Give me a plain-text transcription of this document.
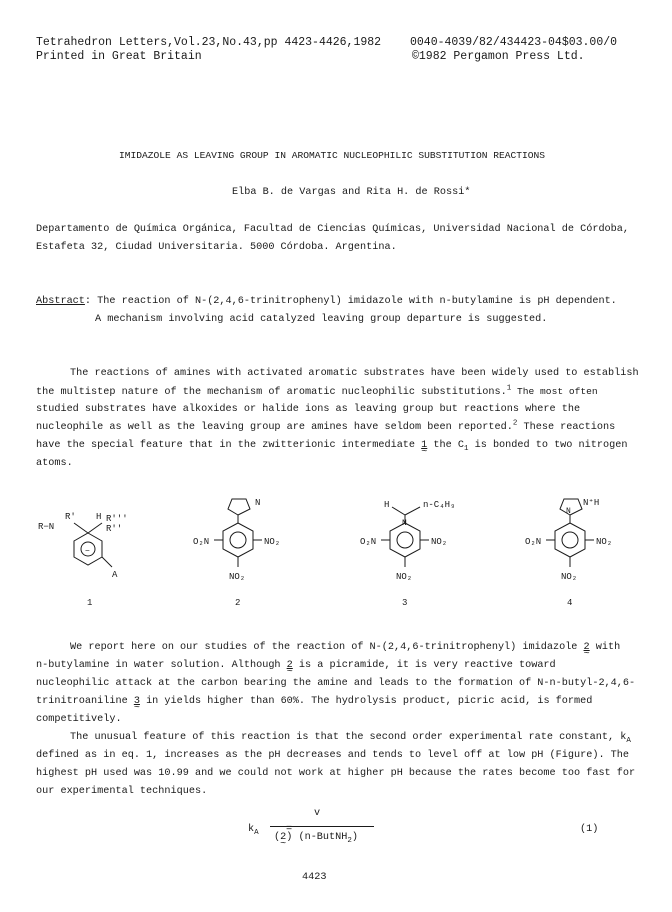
Tetrahedron Letters,Vol.23,No.43,pp 4423-4426,1982	0040-4039/82/434423-04$03.00/0
Printed in Great Britain	©1982 Pergamon Press Ltd.
IMIDAZOLE AS LEAVING GROUP IN AROMATIC NUCLEOPHILIC SUBSTITUTION REACTIONS
Elba B. de Vargas and Rita H. de Rossi*
Departamento de Química Orgánica, Facultad de Ciencias Químicas, Universidad Nacional de Córdoba,
Estafeta 32, Ciudad Universitaria. 5000 Córdoba. Argentina.
Abstract: The reaction of N-(2,4,6-trinitrophenyl) imidazole with n-butylamine is pH dependent.
A mechanism involving acid catalyzed leaving group departure is suggested.
The reactions of amines with activated aromatic substrates have been widely used to establish
the multistep nature of the mechanism of aromatic nucleophilic substitutions.$^1$ The most often
studied substrates have alkoxides or halide ions as leaving group but reactions where the
nucleophile as well as the leaving group are amines have seldom been reported.$^2$ These reactions
have the special feature that in the zwitterionic intermediate 1 ~ the $C_1$ is bonded to two nitrogen
atoms.
R'
R−N
H R'''
R''
−
A
1
N
O₂N	NO₂
NO₂
2
H
N
n-C₄H₉
O₂N	NO₂
NO₂
3
N⁺H
N
O₂N	NO₂
NO₂
4
We report here on our studies of the reaction of N-(2,4,6-trinitrophenyl) imidazole 2 ~ with
n-butylamine in water solution. Although 2 ~ is a picramide, it is very reactive toward
nucleophilic attack at the carbon bearing the amine and leads to the formation of N-n-butyl-2,4,6-
trinitroaniline 3 ~ in yields higher than 60%. The hydrolysis product, picric acid, is formed
competitively.
The unusual feature of this reaction is that the second order experimental rate constant, $k_A$
defined as in eq. 1, increases as the pH decreases and tends to level off at low pH (Figure). The
highest pH used was 10.99 and we could not work at higher pH because the rates become too fast for
our experimental techniques.
$k_A$	=
v
(2) ~ (n-ButNH$_2$)
(1)
4423
